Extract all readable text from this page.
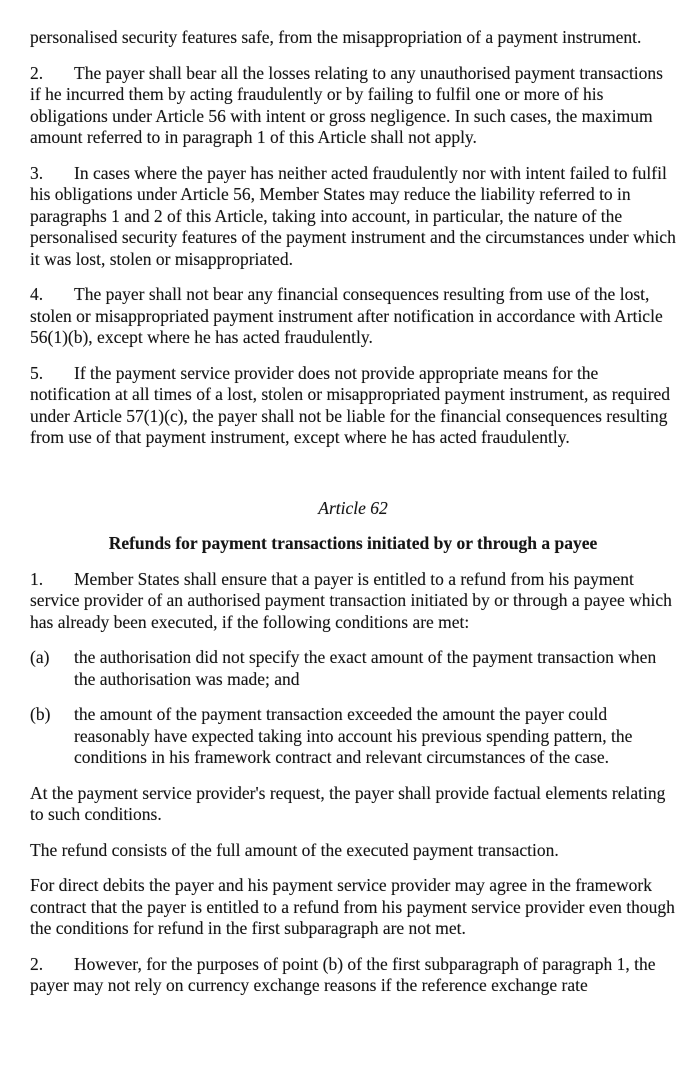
personalised security features safe, from the misappropriation of a payment instrument.

2. The payer shall bear all the losses relating to any unauthorised payment transactions if he incurred them by acting fraudulently or by failing to fulfil one or more of his obligations under Article 56 with intent or gross negligence. In such cases, the maximum amount referred to in paragraph 1 of this Article shall not apply.

3. In cases where the payer has neither acted fraudulently nor with intent failed to fulfil his obligations under Article 56, Member States may reduce the liability referred to in paragraphs 1 and 2 of this Article, taking into account, in particular, the nature of the personalised security features of the payment instrument and the circumstances under which it was lost, stolen or misappropriated.

4. The payer shall not bear any financial consequences resulting from use of the lost, stolen or misappropriated payment instrument after notification in accordance with Article 56(1)(b), except where he has acted fraudulently.

5. If the payment service provider does not provide appropriate means for the notification at all times of a lost, stolen or misappropriated payment instrument, as required under Article 57(1)(c), the payer shall not be liable for the financial consequences resulting from use of that payment instrument, except where he has acted fraudulently.

Article 62

Refunds for payment transactions initiated by or through a payee

1. Member States shall ensure that a payer is entitled to a refund from his payment service provider of an authorised payment transaction initiated by or through a payee which has already been executed, if the following conditions are met:

(a) the authorisation did not specify the exact amount of the payment transaction when the authorisation was made; and

(b) the amount of the payment transaction exceeded the amount the payer could reasonably have expected taking into account his previous spending pattern, the conditions in his framework contract and relevant circumstances of the case.

At the payment service provider's request, the payer shall provide factual elements relating to such conditions.

The refund consists of the full amount of the executed payment transaction.

For direct debits the payer and his payment service provider may agree in the framework contract that the payer is entitled to a refund from his payment service provider even though the conditions for refund in the first subparagraph are not met.

2. However, for the purposes of point (b) of the first subparagraph of paragraph 1, the payer may not rely on currency exchange reasons if the reference exchange rate
